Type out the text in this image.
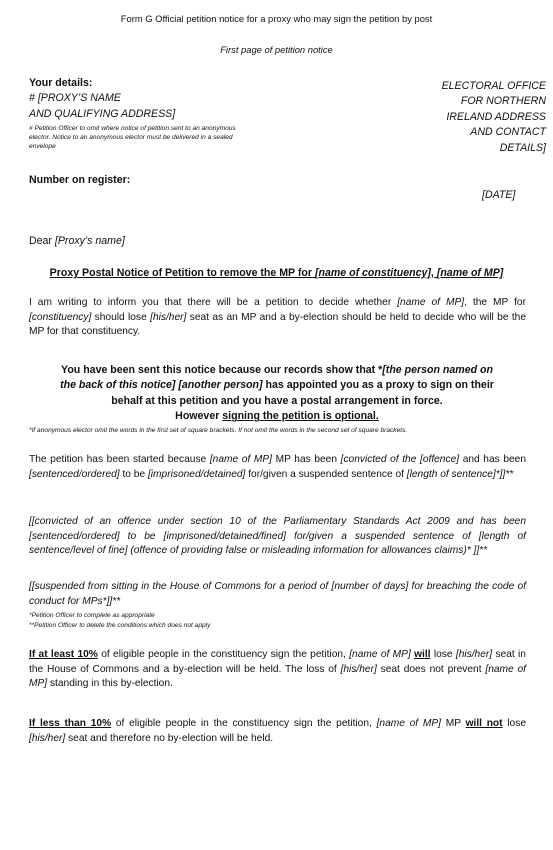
Form G Official petition notice for a proxy who may sign the petition by post
First page of petition notice
Your details:
# [PROXY’S NAME
AND QUALIFYING ADDRESS]
# Petition Officer to omit where notice of petition sent to an anonymous elector. Notice to an anonymous elector must be delivered in a sealed envelope
Number on register:
ELECTORAL OFFICE
FOR NORTHERN
IRELAND ADDRESS
AND CONTACT
DETAILS]
[DATE]
Dear [Proxy’s name]
Proxy Postal Notice of Petition to remove the MP for [name of constituency], [name of MP]
I am writing to inform you that there will be a petition to decide whether [name of MP], the MP for [constituency] should lose [his/her] seat as an MP and a by-election should be held to decide who will be the MP for that constituency.
You have been sent this notice because our records show that *[the person named on the back of this notice] [another person] has appointed you as a proxy to sign on their behalf at this petition and you have a postal arrangement in force.
However signing the petition is optional.
*If anonymous elector omit the words in the first set of square brackets. If not omit the words in the second set of square brackets.
The petition has been started because [name of MP] MP has been [convicted of the [offence] and has been [sentenced/ordered] to be [imprisoned/detained] for/given a suspended sentence of [length of sentence]*]]**
[[convicted of an offence under section 10 of the Parliamentary Standards Act 2009 and has been [sentenced/ordered] to be [imprisoned/detained/fined] for/given a suspended sentence of [length of sentence/level of fine] (offence of providing false or misleading information for allowances claims)* ]]**
[[suspended from sitting in the House of Commons for a period of [number of days] for breaching the code of conduct for MPs*]]**
*Petition Officer to complete as appropriate
**Petition Officer to delete the conditions which does not apply
If at least 10% of eligible people in the constituency sign the petition, [name of MP] will lose [his/her] seat in the House of Commons and a by-election will be held. The loss of [his/her] seat does not prevent [name of MP] standing in this by-election.
If less than 10% of eligible people in the constituency sign the petition, [name of MP] MP will not lose [his/her] seat and therefore no by-election will be held.
